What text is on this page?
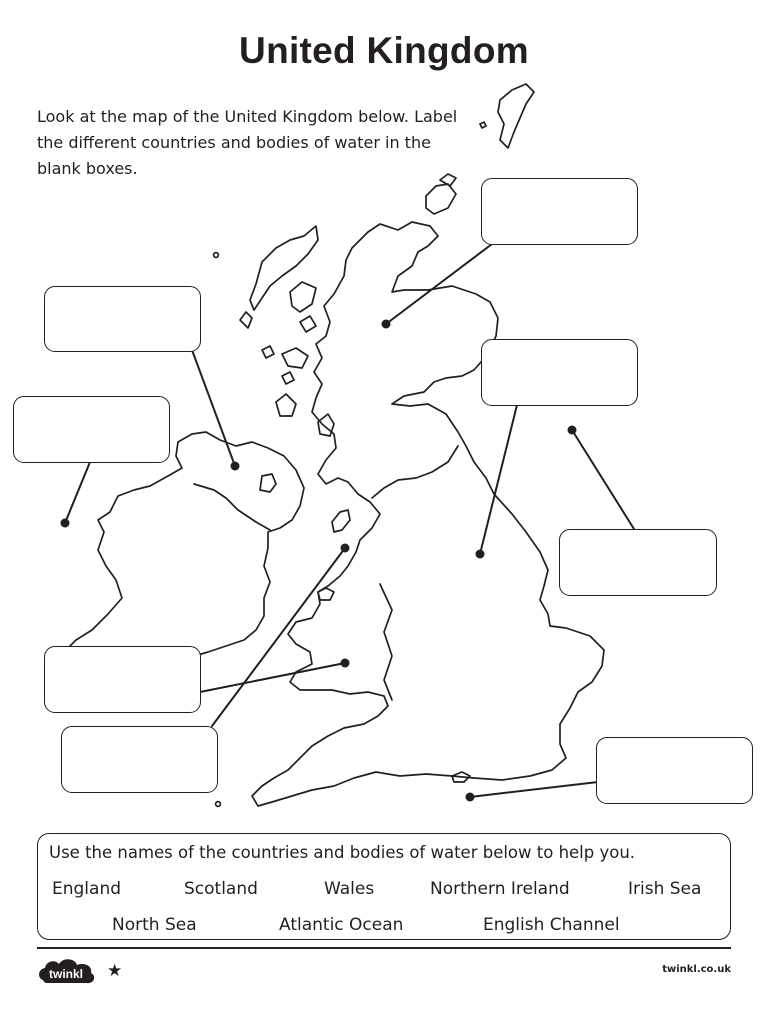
United Kingdom
Look at the map of the United Kingdom below. Label the different countries and bodies of water in the blank boxes.
Use the names of the countries and bodies of water below to help you.
England	Scotland	Wales	Northern Ireland	Irish Sea
North Sea	Atlantic Ocean	English Channel
twinkl ★	twinkl.co.uk
